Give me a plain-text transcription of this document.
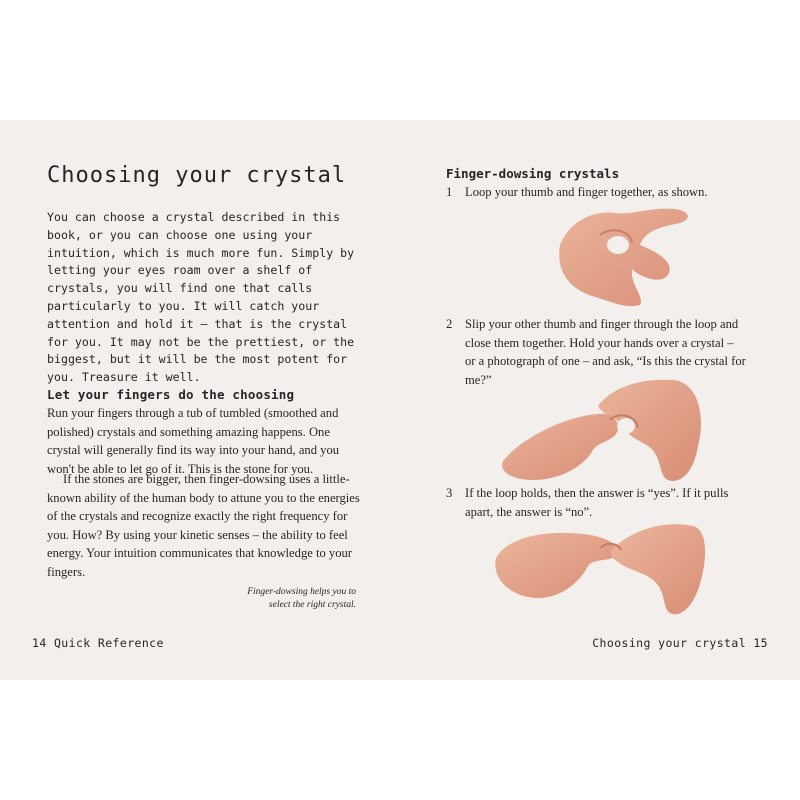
Choosing your crystal

You can choose a crystal described in this book, or you can choose one using your intuition, which is much more fun. Simply by letting your eyes roam over a shelf of crystals, you will find one that calls particularly to you. It will catch your attention and hold it – that is the crystal for you. It may not be the prettiest, or the biggest, but it will be the most potent for you. Treasure it well.

Let your fingers do the choosing

Run your fingers through a tub of tumbled (smoothed and polished) crystals and something amazing happens. One crystal will generally find its way into your hand, and you won't be able to let go of it. This is the stone for you.

If the stones are bigger, then finger-dowsing uses a little-known ability of the human body to attune you to the energies of the crystals and recognize exactly the right frequency for you. How? By using your kinetic senses – the ability to feel energy. Your intuition communicates that knowledge to your fingers.

Finger-dowsing helps you to select the right crystal.

14 Quick Reference
Finger-dowsing crystals
1 Loop your thumb and finger together, as shown.
2 Slip your other thumb and finger through the loop and close them together. Hold your hands over a crystal – or a photograph of one – and ask, “Is this the crystal for me?”
3 If the loop holds, then the answer is “yes”. If it pulls apart, the answer is “no”.
Choosing your crystal 15
